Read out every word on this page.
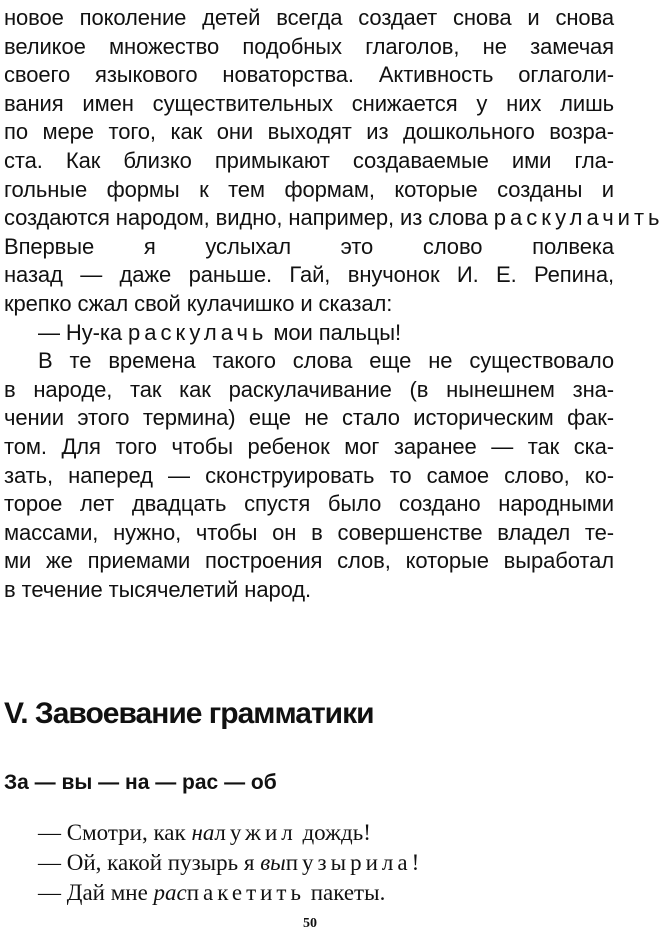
новое поколение детей всегда создает снова и снова
великое множество подобных глаголов, не замечая
своего языкового новаторства. Активность оглаголи-
вания имен существительных снижается у них лишь
по мере того, как они выходят из дошкольного возра-
ста. Как близко примыкают создаваемые ими гла-
гольные формы к тем формам, которые созданы и
создаются народом, видно, например, из слова раскулачить
Впервые я услыхал это слово полвека
назад — даже раньше. Гай, внучонок И. Е. Репина,
крепко сжал свой кулачишко и сказал:
— Ну-ка раскулачь мои пальцы!
В те времена такого слова еще не существовало
в народе, так как раскулачивание (в нынешнем зна-
чении этого термина) еще не стало историческим фак-
том. Для того чтобы ребенок мог заранее — так ска-
зать, наперед — сконструировать то самое слово, ко-
торое лет двадцать спустя было создано народными
массами, нужно, чтобы он в совершенстве владел те-
ми же приемами построения слов, которые выработал
в течение тысячелетий народ.
V. Завоевание грамматики
За — вы — на — рас — об
— Смотри, как налужил дождь!
— Ой, какой пузырь я выпузырила!
— Дай мне распакетить пакеты.
50
